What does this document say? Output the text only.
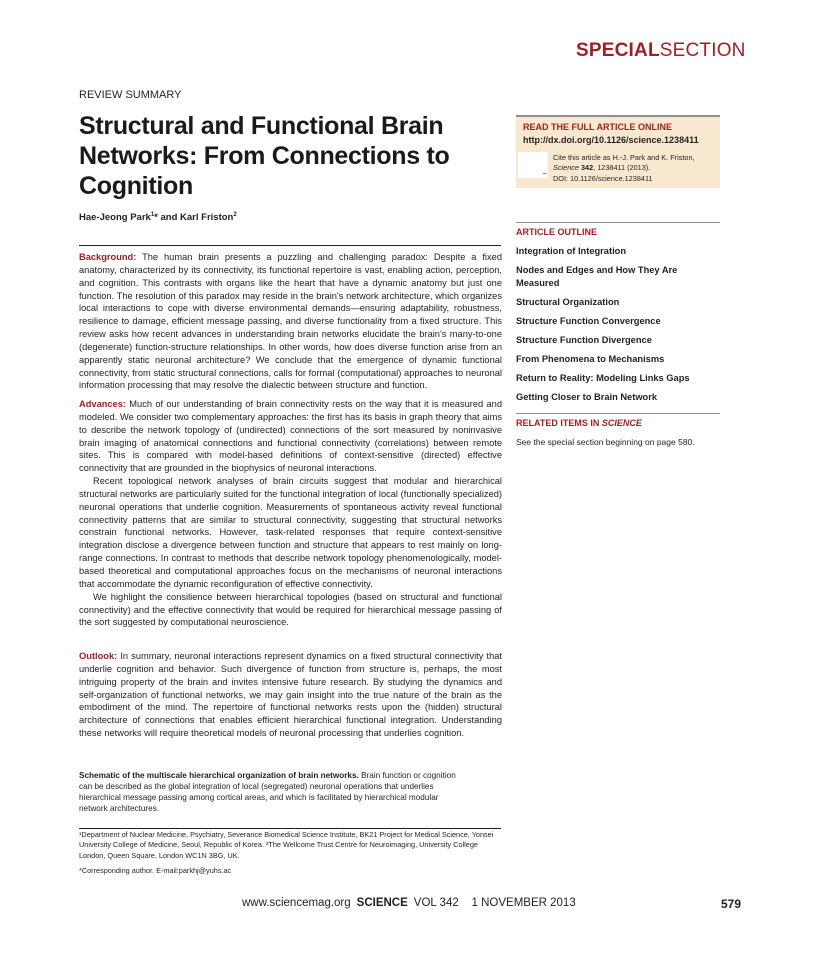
SPECIALSECTION
REVIEW SUMMARY
Structural and Functional Brain Networks: From Connections to Cognition
Hae-Jeong Park$^1$* and Karl Friston$^2$

Background: The human brain presents a puzzling and challenging paradox: Despite a fixed anatomy, characterized by its connectivity, its functional repertoire is vast, enabling action, perception, and cognition. This contrasts with organs like the heart that have a dynamic anatomy but just one function. The resolution of this paradox may reside in the brain's network architecture, which organizes local interactions to cope with diverse environmental demands—ensuring adaptability, robustness, resilience to damage, efficient message passing, and diverse functionality from a fixed structure. This review asks how recent advances in understanding brain networks elucidate the brain's many-to-one (degenerate) function-structure relationships. In other words, how does diverse function arise from an apparently static neuronal architecture? We conclude that the emergence of dynamic functional connectivity, from static structural connections, calls for formal (computational) approaches to neuronal information processing that may resolve the dialectic between structure and function.

Advances: Much of our understanding of brain connectivity rests on the way that it is measured and modeled. We consider two complementary approaches: the first has its basis in graph theory that aims to describe the network topology of (undirected) connections of the sort measured by noninvasive brain imaging of anatomical connections and functional connectivity (correlations) between remote sites. This is compared with model-based definitions of context-sensitive (directed) effective connectivity that are grounded in the biophysics of neuronal interactions.

Recent topological network analyses of brain circuits suggest that modular and hierarchical structural networks are particularly suited for the functional integration of local (functionally specialized) neuronal operations that underlie cognition. Measurements of spontaneous activity reveal functional connectivity patterns that are similar to structural connectivity, suggesting that structural networks constrain functional networks. However, task-related responses that require context-sensitive integration disclose a divergence between function and structure that appears to rest mainly on long-range connections. In contrast to methods that describe network topology phenomenologically, model-based theoretical and computational approaches focus on the mechanisms of neuronal interactions that accommodate the dynamic reconfiguration of effective connectivity.

We highlight the consilience between hierarchical topologies (based on structural and functional connectivity) and the effective connectivity that would be required for hierarchical message passing of the sort suggested by computational neuroscience.

Outlook: In summary, neuronal interactions represent dynamics on a fixed structural connectivity that underlie cognition and behavior. Such divergence of function from structure is, perhaps, the most intriguing property of the brain and invites intensive future research. By studying the dynamics and self-organization of functional networks, we may gain insight into the true nature of the brain as the embodiment of the mind. The repertoire of functional networks rests upon the (hidden) structural architecture of connections that enables efficient hierarchical functional integration. Understanding these networks will require theoretical models of neuronal processing that underlies cognition.

Schematic of the multiscale hierarchical organization of brain networks. Brain function or cognition can be described as the global integration of local (segregated) neuronal operations that underlies hierarchical message passing among cortical areas, and which is facilitated by hierarchical modular network architectures.
¹Department of Nuclear Medicine, Psychiatry, Severance Biomedical Science Institute, BK21 Project for Medical Science, Yonsei University College of Medicine, Seoul, Republic of Korea. ²The Wellcome Trust Centre for Neuroimaging, University College London, Queen Square, London WC1N 3BG, UK.
*Corresponding author. E-mail:parkhj@yuhs.ac
www.sciencemag.org SCIENCE VOL 342    1 NOVEMBER 2013	579
READ THE FULL ARTICLE ONLINE
http://dx.doi.org/10.1126/science.1238411
–
Cite this article as H.-J. Park and K. Friston,
Science 342, 1238411 (2013).
DOI: 10.1126/science.1238411
ARTICLE OUTLINE
Integration of Integration
Nodes and Edges and How They Are Measured
Structural Organization
Structure Function Convergence
Structure Function Divergence
From Phenomena to Mechanisms
Return to Reality: Modeling Links Gaps
Getting Closer to Brain Network
RELATED ITEMS IN SCIENCE
See the special section beginning on page 580.
